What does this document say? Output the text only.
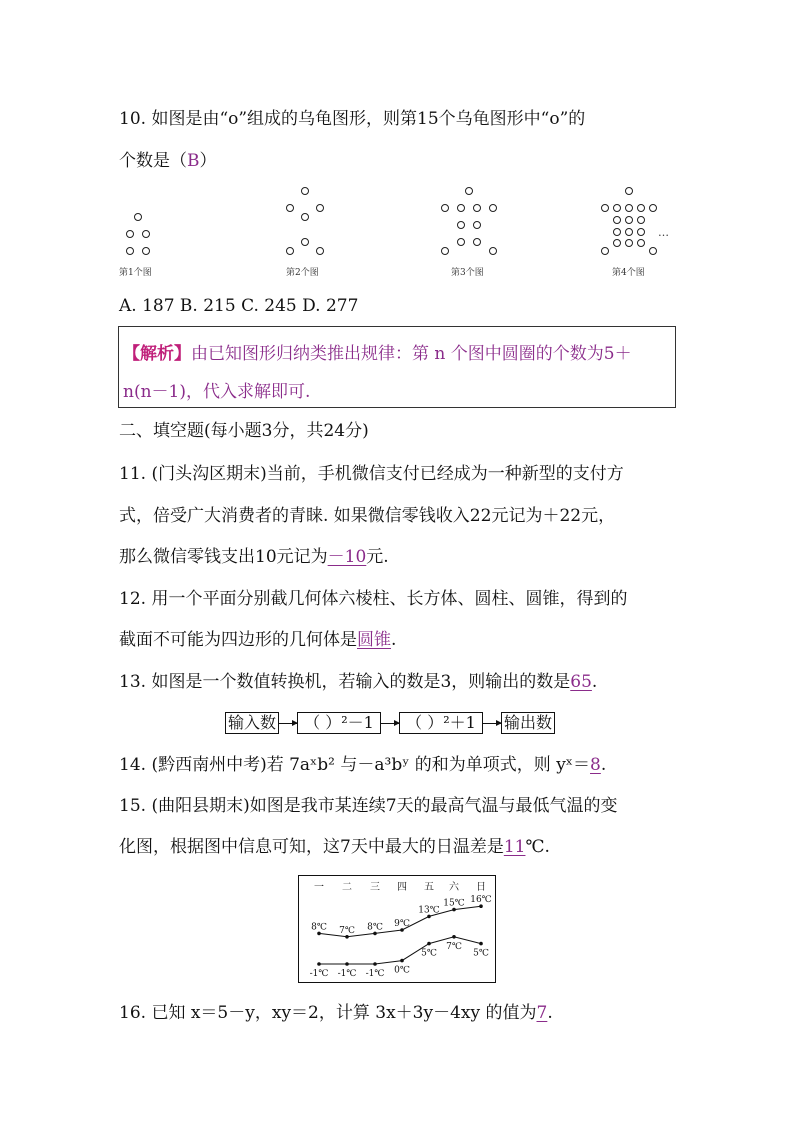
10. 如图是由“o”组成的乌龟图形，则第15个乌龟图形中“o”的
个数是（B）
第1个图	第2个图	第3个图	第4个图
…
A. 187 B. 215 C. 245 D. 277
【解析】由已知图形归纳类推出规律：第 n 个图中圆圈的个数为5＋
n(n－1)，代入求解即可.
二、填空题(每小题3分，共24分)
11. (门头沟区期末)当前，手机微信支付已经成为一种新型的支付方
式，倍受广大消费者的青睐. 如果微信零钱收入22元记为＋22元，
那么微信零钱支出10元记为－10元.
12. 用一个平面分别截几何体六棱柱、长方体、圆柱、圆锥，得到的
截面不可能为四边形的几何体是圆锥.
13. 如图是一个数值转换机，若输入的数是3，则输出的数是65.
输入数	（ ）²－1	（ ）²＋1	输出数
14. (黔西南州中考)若 7aˣb² 与－a³bʸ 的和为单项式，则 yˣ＝8.
15. (曲阳县期末)如图是我市某连续7天的最高气温与最低气温的变
化图，根据图中信息可知，这7天中最大的日温差是11℃.
一 二 三 四 五 六 日
8℃ 7℃ 8℃ 9℃
13℃
15℃ 16℃
-1℃ -1℃ -1℃ 0℃
5℃
7℃
5℃
16. 已知 x＝5－y，xy＝2，计算 3x＋3y－4xy 的值为7.
